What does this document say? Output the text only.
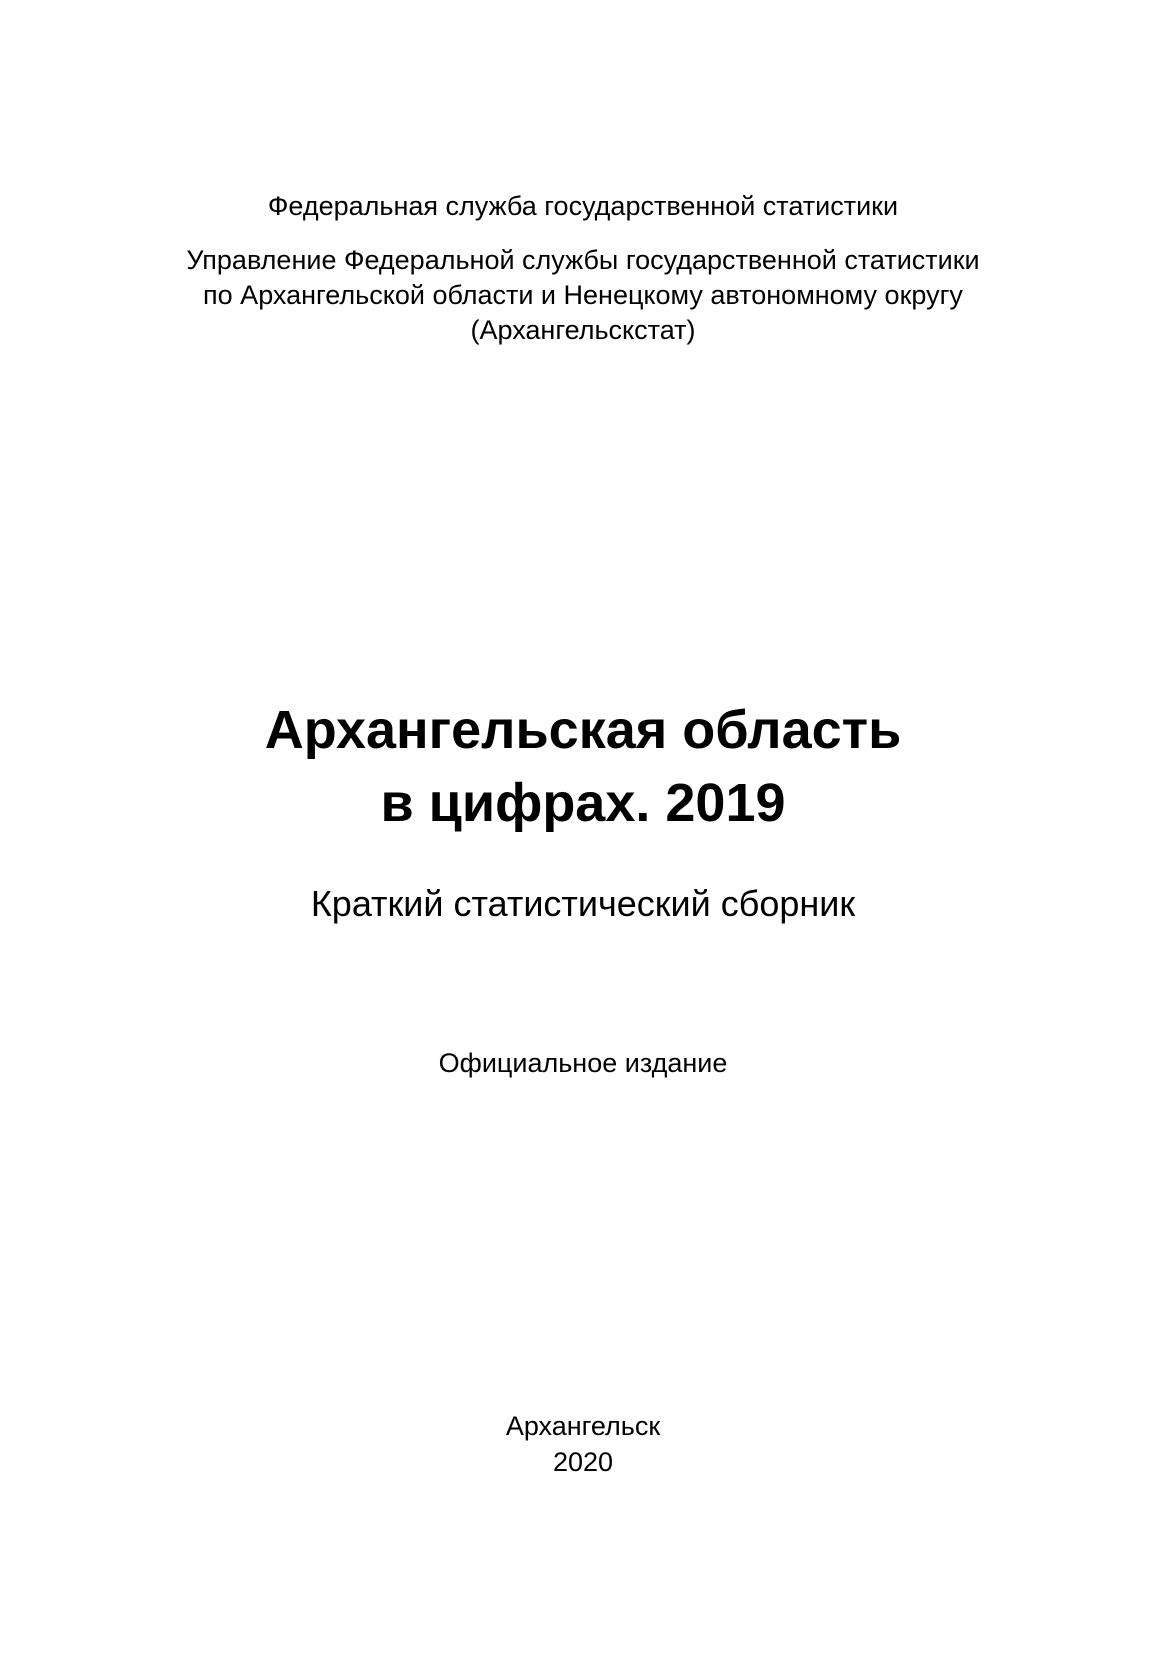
Федеральная служба государственной статистики

Управление Федеральной службы государственной статистики

по Архангельской области и Ненецкому автономному округу

(Архангельскстат)

Архангельская область
в цифрах. 2019

Краткий статистический сборник

Официальное издание

Архангельск

2020
